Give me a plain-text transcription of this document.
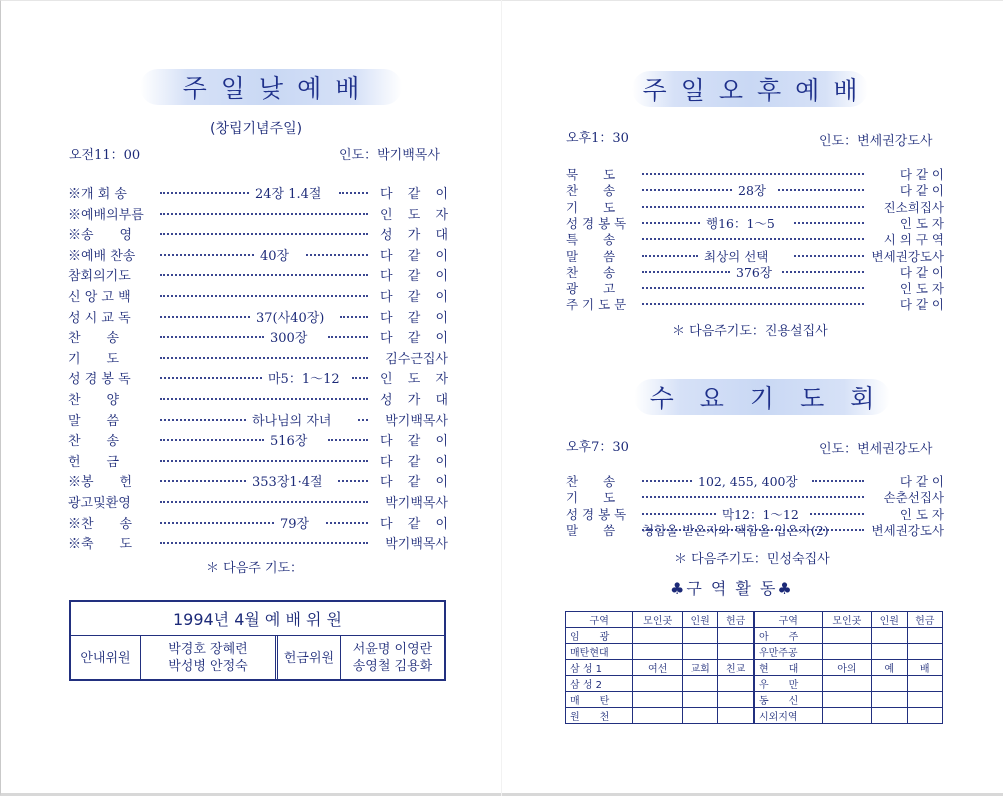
주 일 낮 예 배
(창립기념주일)
오전11：00	인도：박기백목사
※개 회 송	24장 1.4절	다 같 이
※예배의부름	인 도 자
※송　　영	성 가 대
※예배 찬송	40장	다 같 이
참회의기도	다 같 이
신 앙 고 백	다 같 이
성 시 교 독	37(사40장)	다 같 이
찬　　송	300장	다 같 이
기　　도	김수근집사
성 경 봉 독	마5：1～12	인 도 자
찬　　양	성 가 대
말　　씀	하나님의 자녀	박기백목사
찬　　송	516장	다 같 이
헌　　금	다 같 이
※봉　　헌	353장1·4절	다 같 이
광고및환영	박기백목사
※찬　　송	79장	다 같 이
※축　　도	박기백목사
＊ 다음주 기도：
1994년 4월 예 배 위 원
안내위원
박경호 장혜련
박성병 안정숙
헌금위원
서윤명 이영란
송영철 김용화
주 일 오 후 예 배
오후1：30	인도：변세권강도사
묵　　도	다 같 이
찬　　송	28장	다 같 이
기　　도	진소희집사
성 경 봉 독	행16：1～5	인 도 자
특　　송	시 의 구 역
말　　씀	최상의 선택	변세권강도사
찬　　송	376장	다 같 이
광　　고	인 도 자
주 기 도 문	다 같 이
＊ 다음주기도：진용설집사
수 요 기 도 회
오후7：30	인도：변세권강도사
찬　　송	102, 455, 400장	다 같 이
기　　도	손춘선집사
성 경 봉 독	막12：1～12	인 도 자
말　　씀	청함을 받은자와 택함을 입은자(2)	변세권강도사
＊ 다음주기도：민성숙집사
♣구 역 활 동♣
구역	모인곳	인원	헌금	구역	모인곳	인원	헌금
임　　광				아　　주			
매탄현대				우만주공			
삼 성 1	여선	교회	친교	현　　대	아의	예	배
삼 성 2				우　　만			
매　　탄				동　　신			
원　　천				시외지역			
